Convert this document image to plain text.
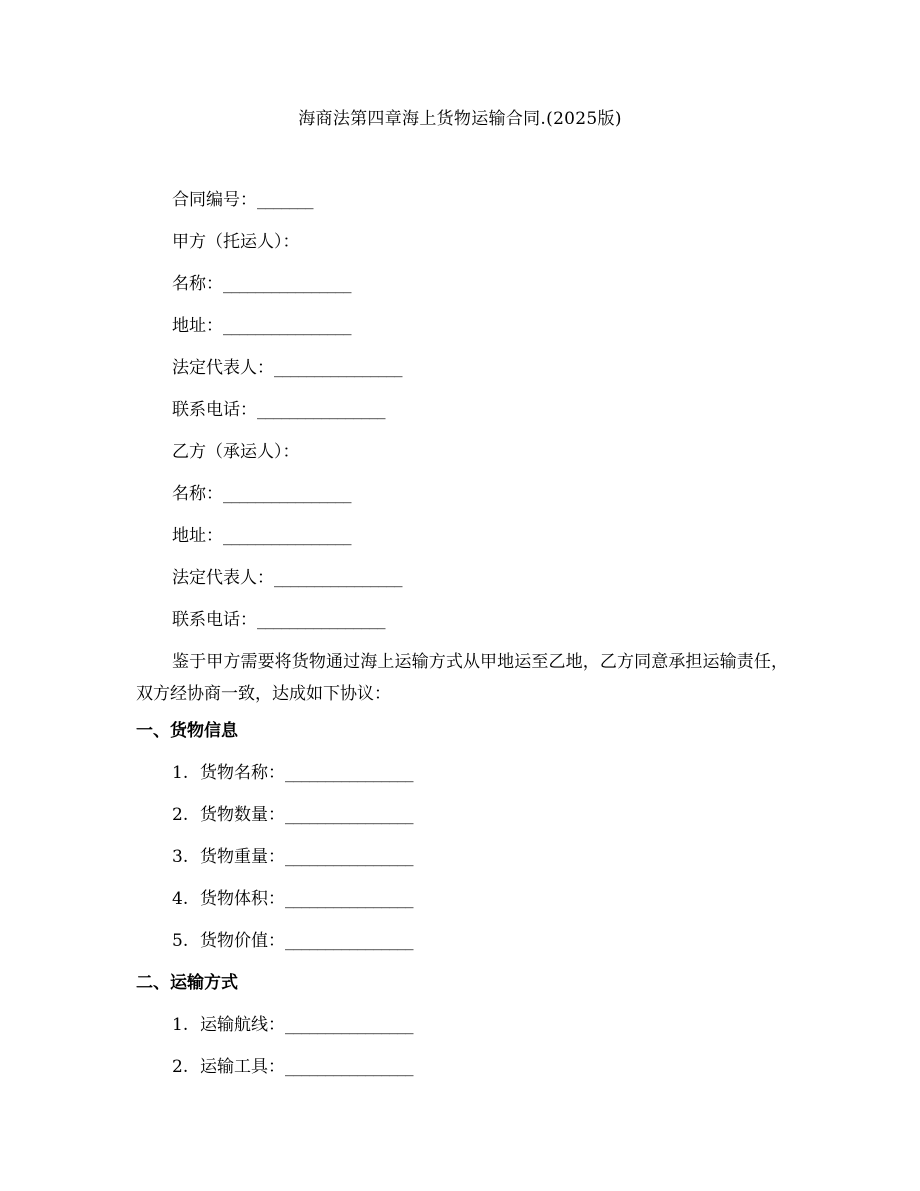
海商法第四章海上货物运输合同.(2025版)
合同编号：_______
甲方（托运人）：
名称：________________
地址：________________
法定代表人：________________
联系电话：________________
乙方（承运人）：
名称：________________
地址：________________
法定代表人：________________
联系电话：________________
鉴于甲方需要将货物通过海上运输方式从甲地运至乙地，乙方同意承担运输责任，双方经协商一致，达成如下协议：
一、货物信息
1. 货物名称：________________
2. 货物数量：________________
3. 货物重量：________________
4. 货物体积：________________
5. 货物价值：________________
二、运输方式
1. 运输航线：________________
2. 运输工具：________________
